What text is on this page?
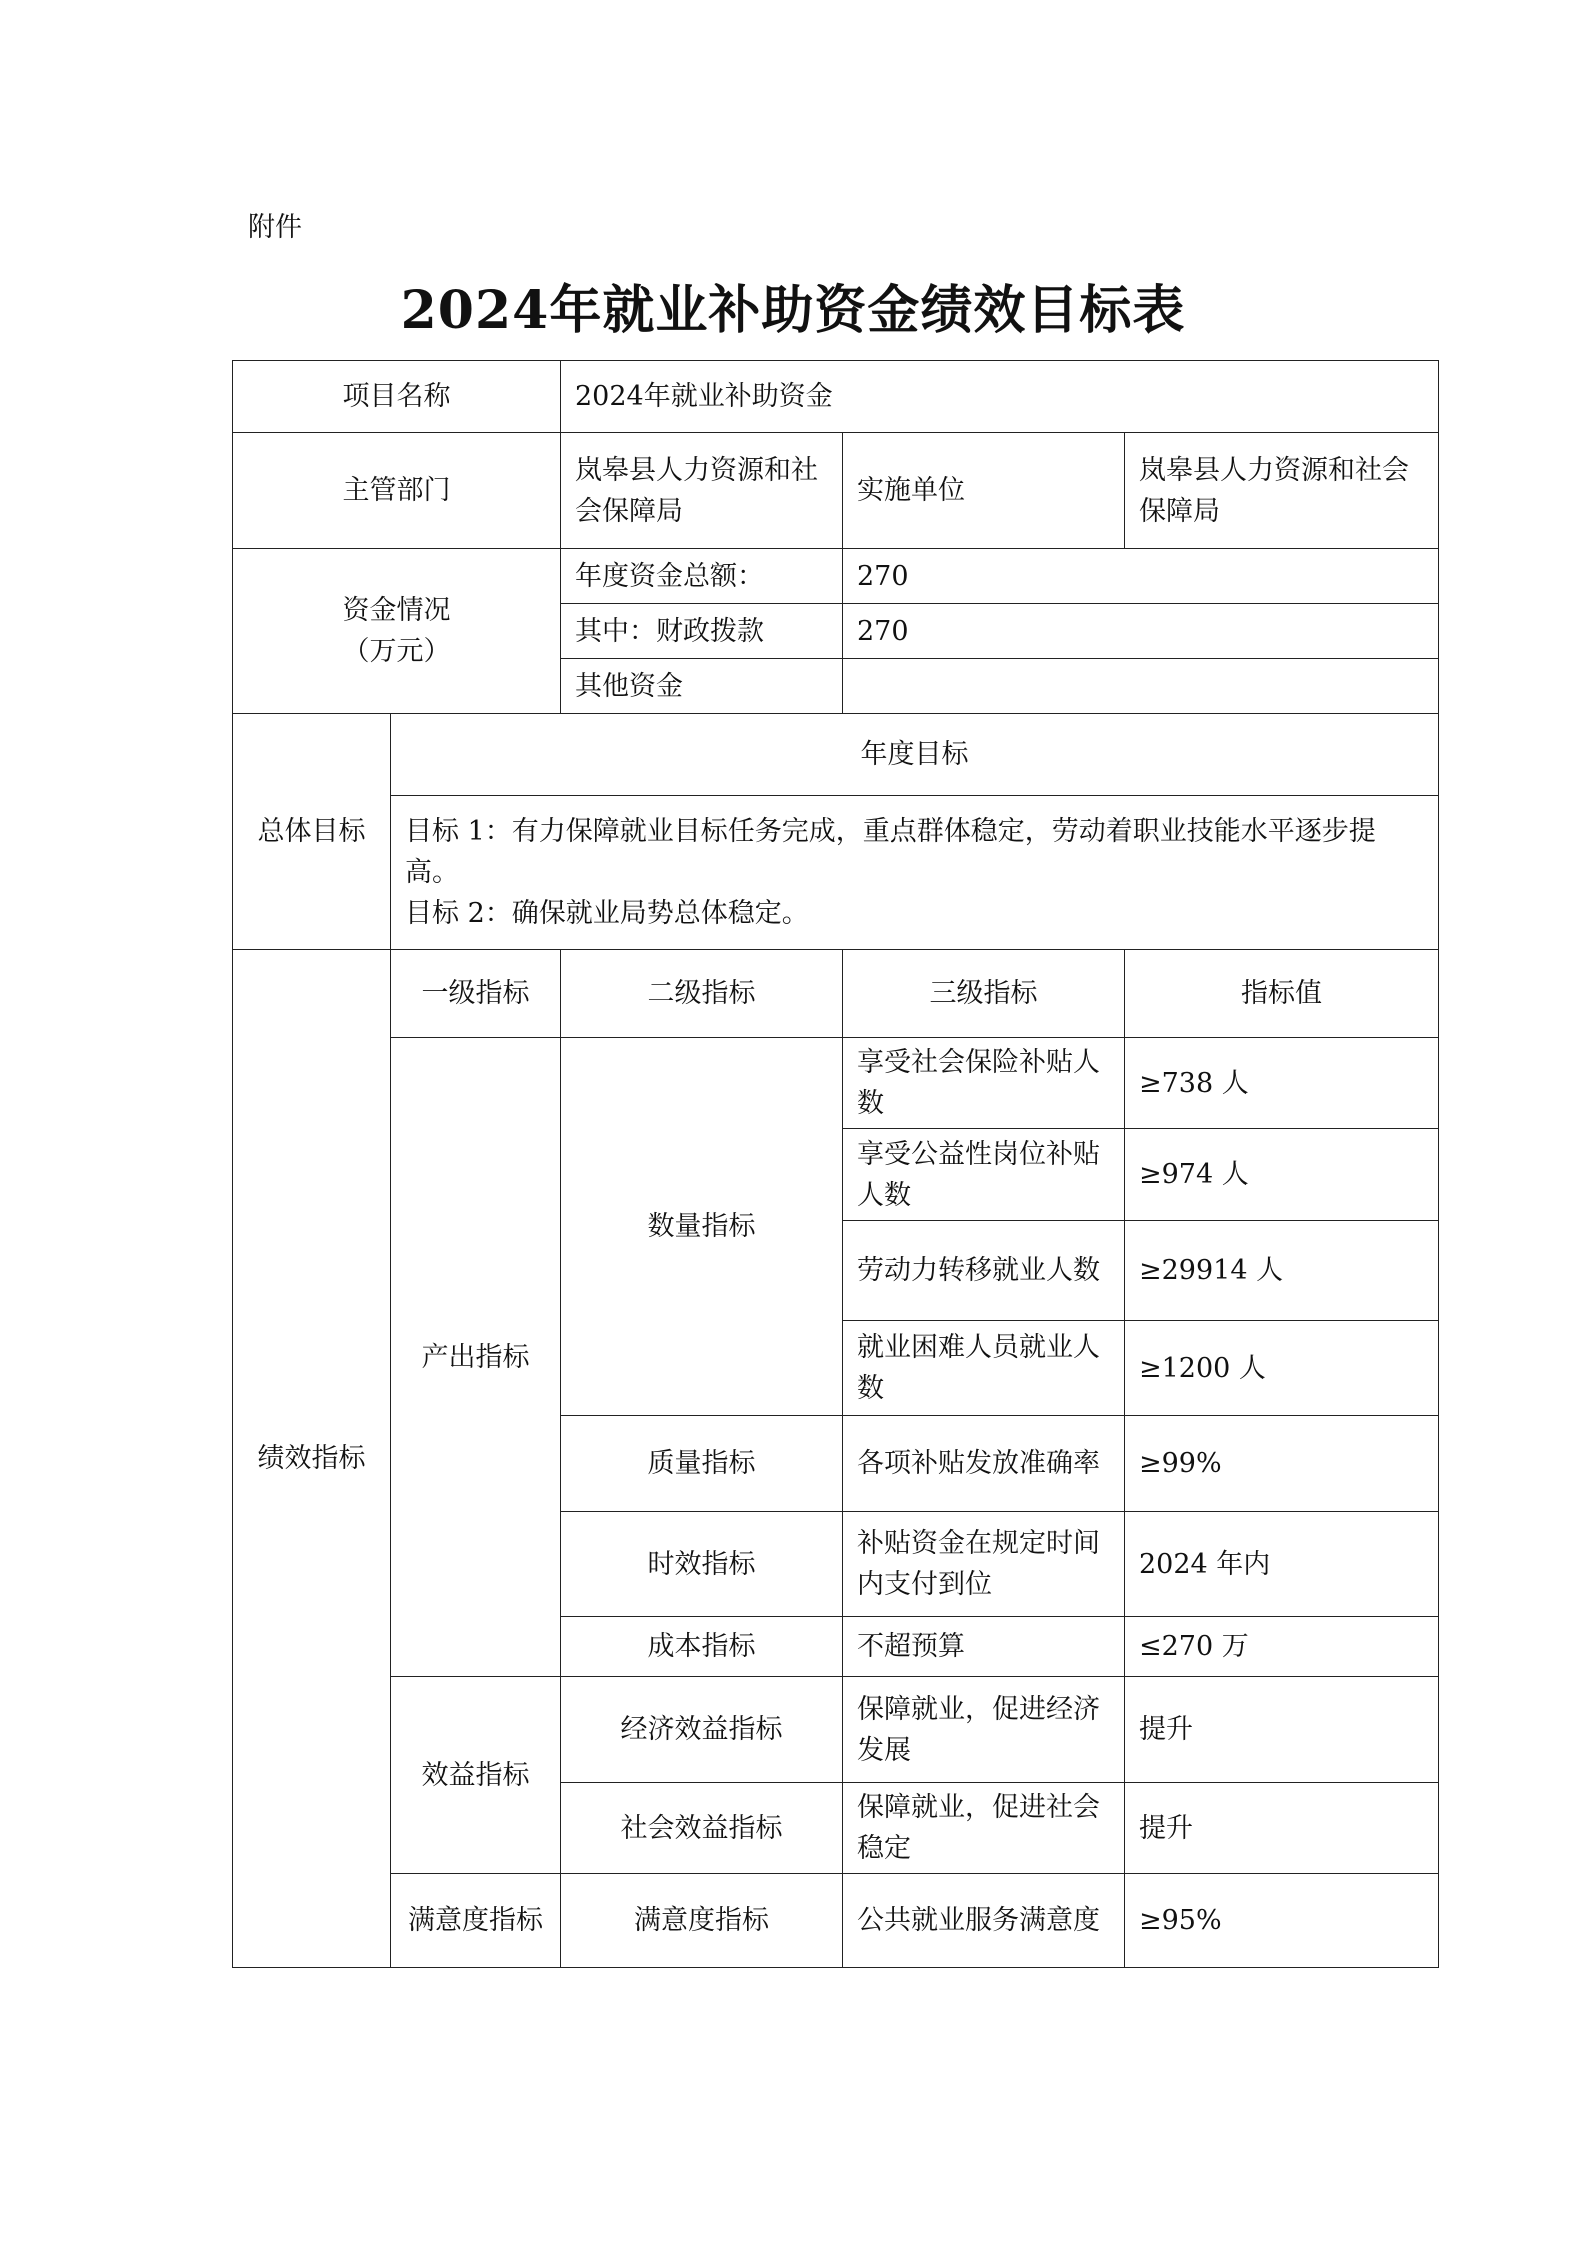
附件
2024年就业补助资金绩效目标表
项目名称		2024年就业补助资金		
主管部门		岚皋县人力资源和社会保障局	实施单位	岚皋县人力资源和社会保障局

资金情况
（万元）		年度资金总额：	270	
		其中：财政拨款	270	
		其他资金		
总体目标	年度目标			

	目标 1：有力保障就业目标任务完成，重点群体稳定，劳动着职业技能水平逐步提高。
目标 2：确保就业局势总体稳定。			

绩效指标	一级指标	二级指标	三级指标	指标值
	产出指标	数量指标	享受社会保险补贴人数	≥738 人
			享受公益性岗位补贴人数	≥974 人
			劳动力转移就业人数	≥29914 人
			就业困难人员就业人数	≥1200 人
		质量指标	各项补贴发放准确率	≥99%
		时效指标	补贴资金在规定时间内支付到位	2024 年内
		成本指标	不超预算	≤270 万
	效益指标	经济效益指标	保障就业，促进经济发展	提升
		社会效益指标	保障就业，促进社会稳定	提升
	满意度指标	满意度指标	公共就业服务满意度	≥95%
